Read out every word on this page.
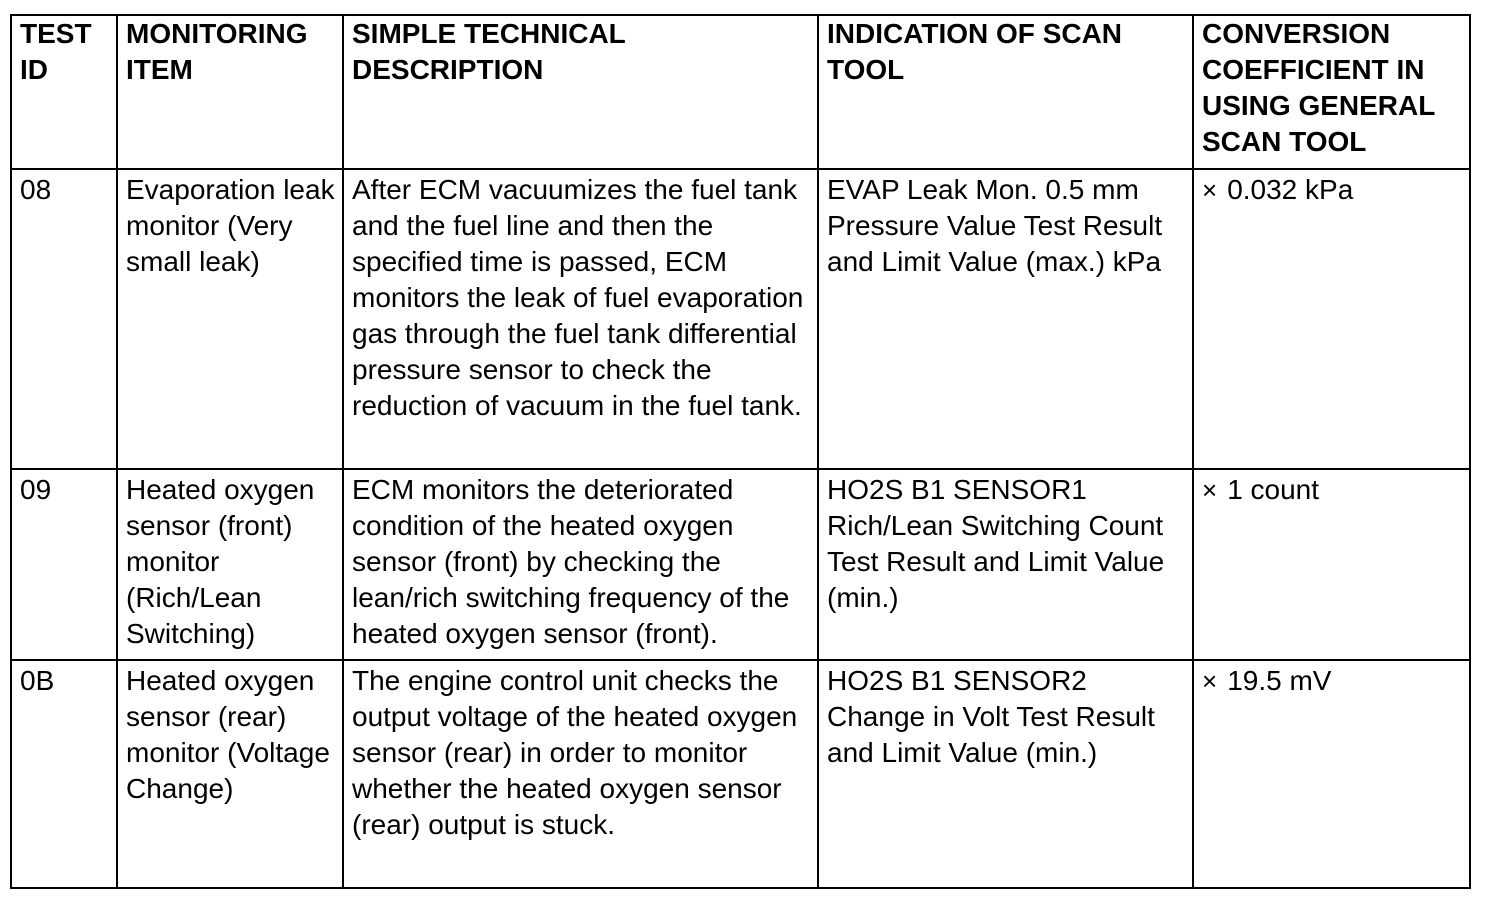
TEST ID	MONITORING ITEM	SIMPLE TECHNICAL DESCRIPTION	INDICATION OF SCAN TOOL	CONVERSION COEFFICIENT IN USING GENERAL SCAN TOOL
08	Evaporation leak monitor (Very small leak)	After ECM vacuumizes the fuel tank and the fuel line and then the specified time is passed, ECM monitors the leak of fuel evaporation gas through the fuel tank differential pressure sensor to check the reduction of vacuum in the fuel tank.	EVAP Leak Mon. 0.5 mm Pressure Value Test Result and Limit Value (max.) kPa	× 0.032 kPa
09	Heated oxygen sensor (front) monitor (Rich/Lean Switching)	ECM monitors the deteriorated condition of the heated oxygen sensor (front) by checking the lean/rich switching frequency of the heated oxygen sensor (front).	HO2S B1 SENSOR1 Rich/Lean Switching Count Test Result and Limit Value (min.)	× 1 count
0B	Heated oxygen sensor (rear) monitor (Voltage Change)	The engine control unit checks the output voltage of the heated oxygen sensor (rear) in order to monitor whether the heated oxygen sensor (rear) output is stuck.	HO2S B1 SENSOR2 Change in Volt Test Result and Limit Value (min.)	× 19.5 mV
